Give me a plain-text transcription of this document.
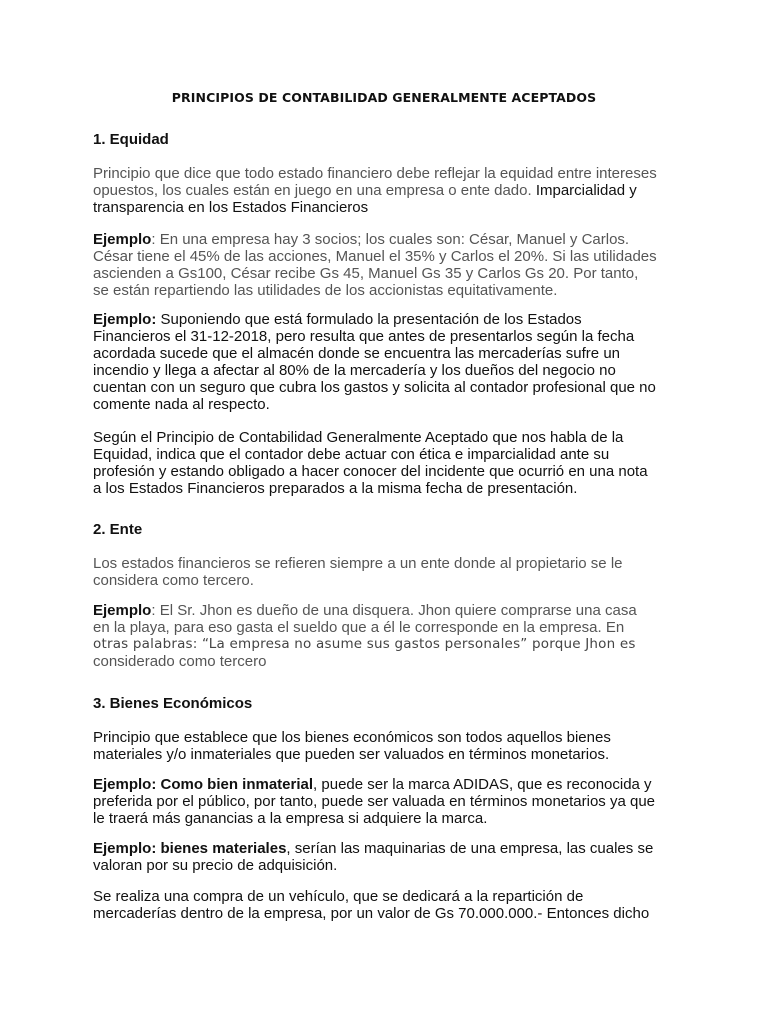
PRINCIPIOS DE CONTABILIDAD GENERALMENTE ACEPTADOS
1. Equidad
Principio que dice que todo estado financiero debe reflejar la equidad entre intereses
opuestos, los cuales están en juego en una empresa o ente dado. Imparcialidad y
transparencia en los Estados Financieros
Ejemplo: En una empresa hay 3 socios; los cuales son: César, Manuel y Carlos.
César tiene el 45% de las acciones, Manuel el 35% y Carlos el 20%. Si las utilidades
ascienden a Gs100, César recibe Gs 45, Manuel Gs 35 y Carlos Gs 20. Por tanto,
se están repartiendo las utilidades de los accionistas equitativamente.
Ejemplo: Suponiendo que está formulado la presentación de los Estados
Financieros el 31-12-2018, pero resulta que antes de presentarlos según la fecha
acordada sucede que el almacén donde se encuentra las mercaderías sufre un
incendio y llega a afectar al 80% de la mercadería y los dueños del negocio no
cuentan con un seguro que cubra los gastos y solicita al contador profesional que no
comente nada al respecto.
Según el Principio de Contabilidad Generalmente Aceptado que nos habla de la
Equidad, indica que el contador debe actuar con ética e imparcialidad ante su
profesión y estando obligado a hacer conocer del incidente que ocurrió en una nota
a los Estados Financieros preparados a la misma fecha de presentación.
2. Ente
Los estados financieros se refieren siempre a un ente donde al propietario se le
considera como tercero.
Ejemplo: El Sr. Jhon es dueño de una disquera. Jhon quiere comprarse una casa
en la playa, para eso gasta el sueldo que a él le corresponde en la empresa. En
otras palabras: “La empresa no asume sus gastos personales” porque Jhon es
considerado como tercero
3. Bienes Económicos
Principio que establece que los bienes económicos son todos aquellos bienes
materiales y/o inmateriales que pueden ser valuados en términos monetarios.
Ejemplo: Como bien inmaterial, puede ser la marca ADIDAS, que es reconocida y
preferida por el público, por tanto, puede ser valuada en términos monetarios ya que
le traerá más ganancias a la empresa si adquiere la marca.
Ejemplo: bienes materiales, serían las maquinarias de una empresa, las cuales se
valoran por su precio de adquisición.
Se realiza una compra de un vehículo, que se dedicará a la repartición de
mercaderías dentro de la empresa, por un valor de Gs 70.000.000.- Entonces dicho
